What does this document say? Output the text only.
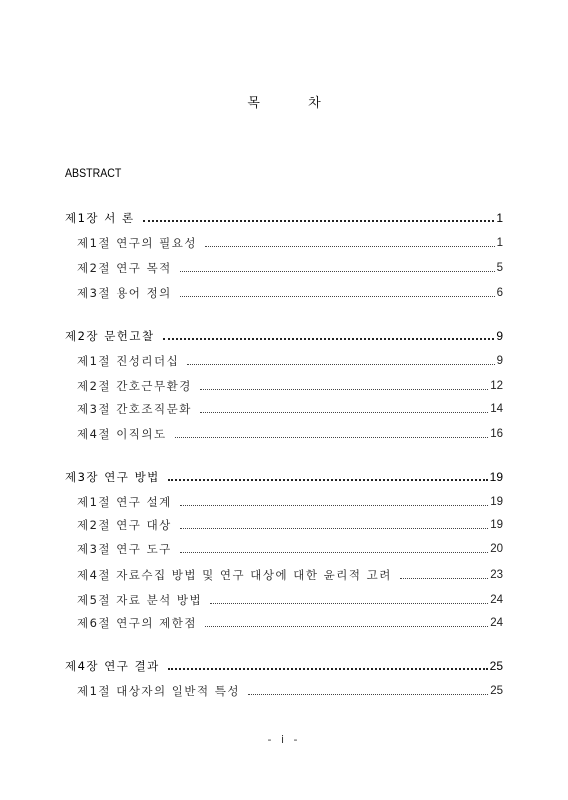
목 차
ABSTRACT
제1장 서 론	1
제1절 연구의 필요성	1
제2절 연구 목적	5
제3절 용어 정의	6
제2장 문헌고찰	9
제1절 진성리더십	9
제2절 간호근무환경	12
제3절 간호조직문화	14
제4절 이직의도	16
제3장 연구 방법	19
제1절 연구 설계	19
제2절 연구 대상	19
제3절 연구 도구	20
제4절 자료수집 방법 및 연구 대상에 대한 윤리적 고려	23
제5절 자료 분석 방법	24
제6절 연구의 제한점	24
제4장 연구 결과	25
제1절 대상자의 일반적 특성	25
- i -
